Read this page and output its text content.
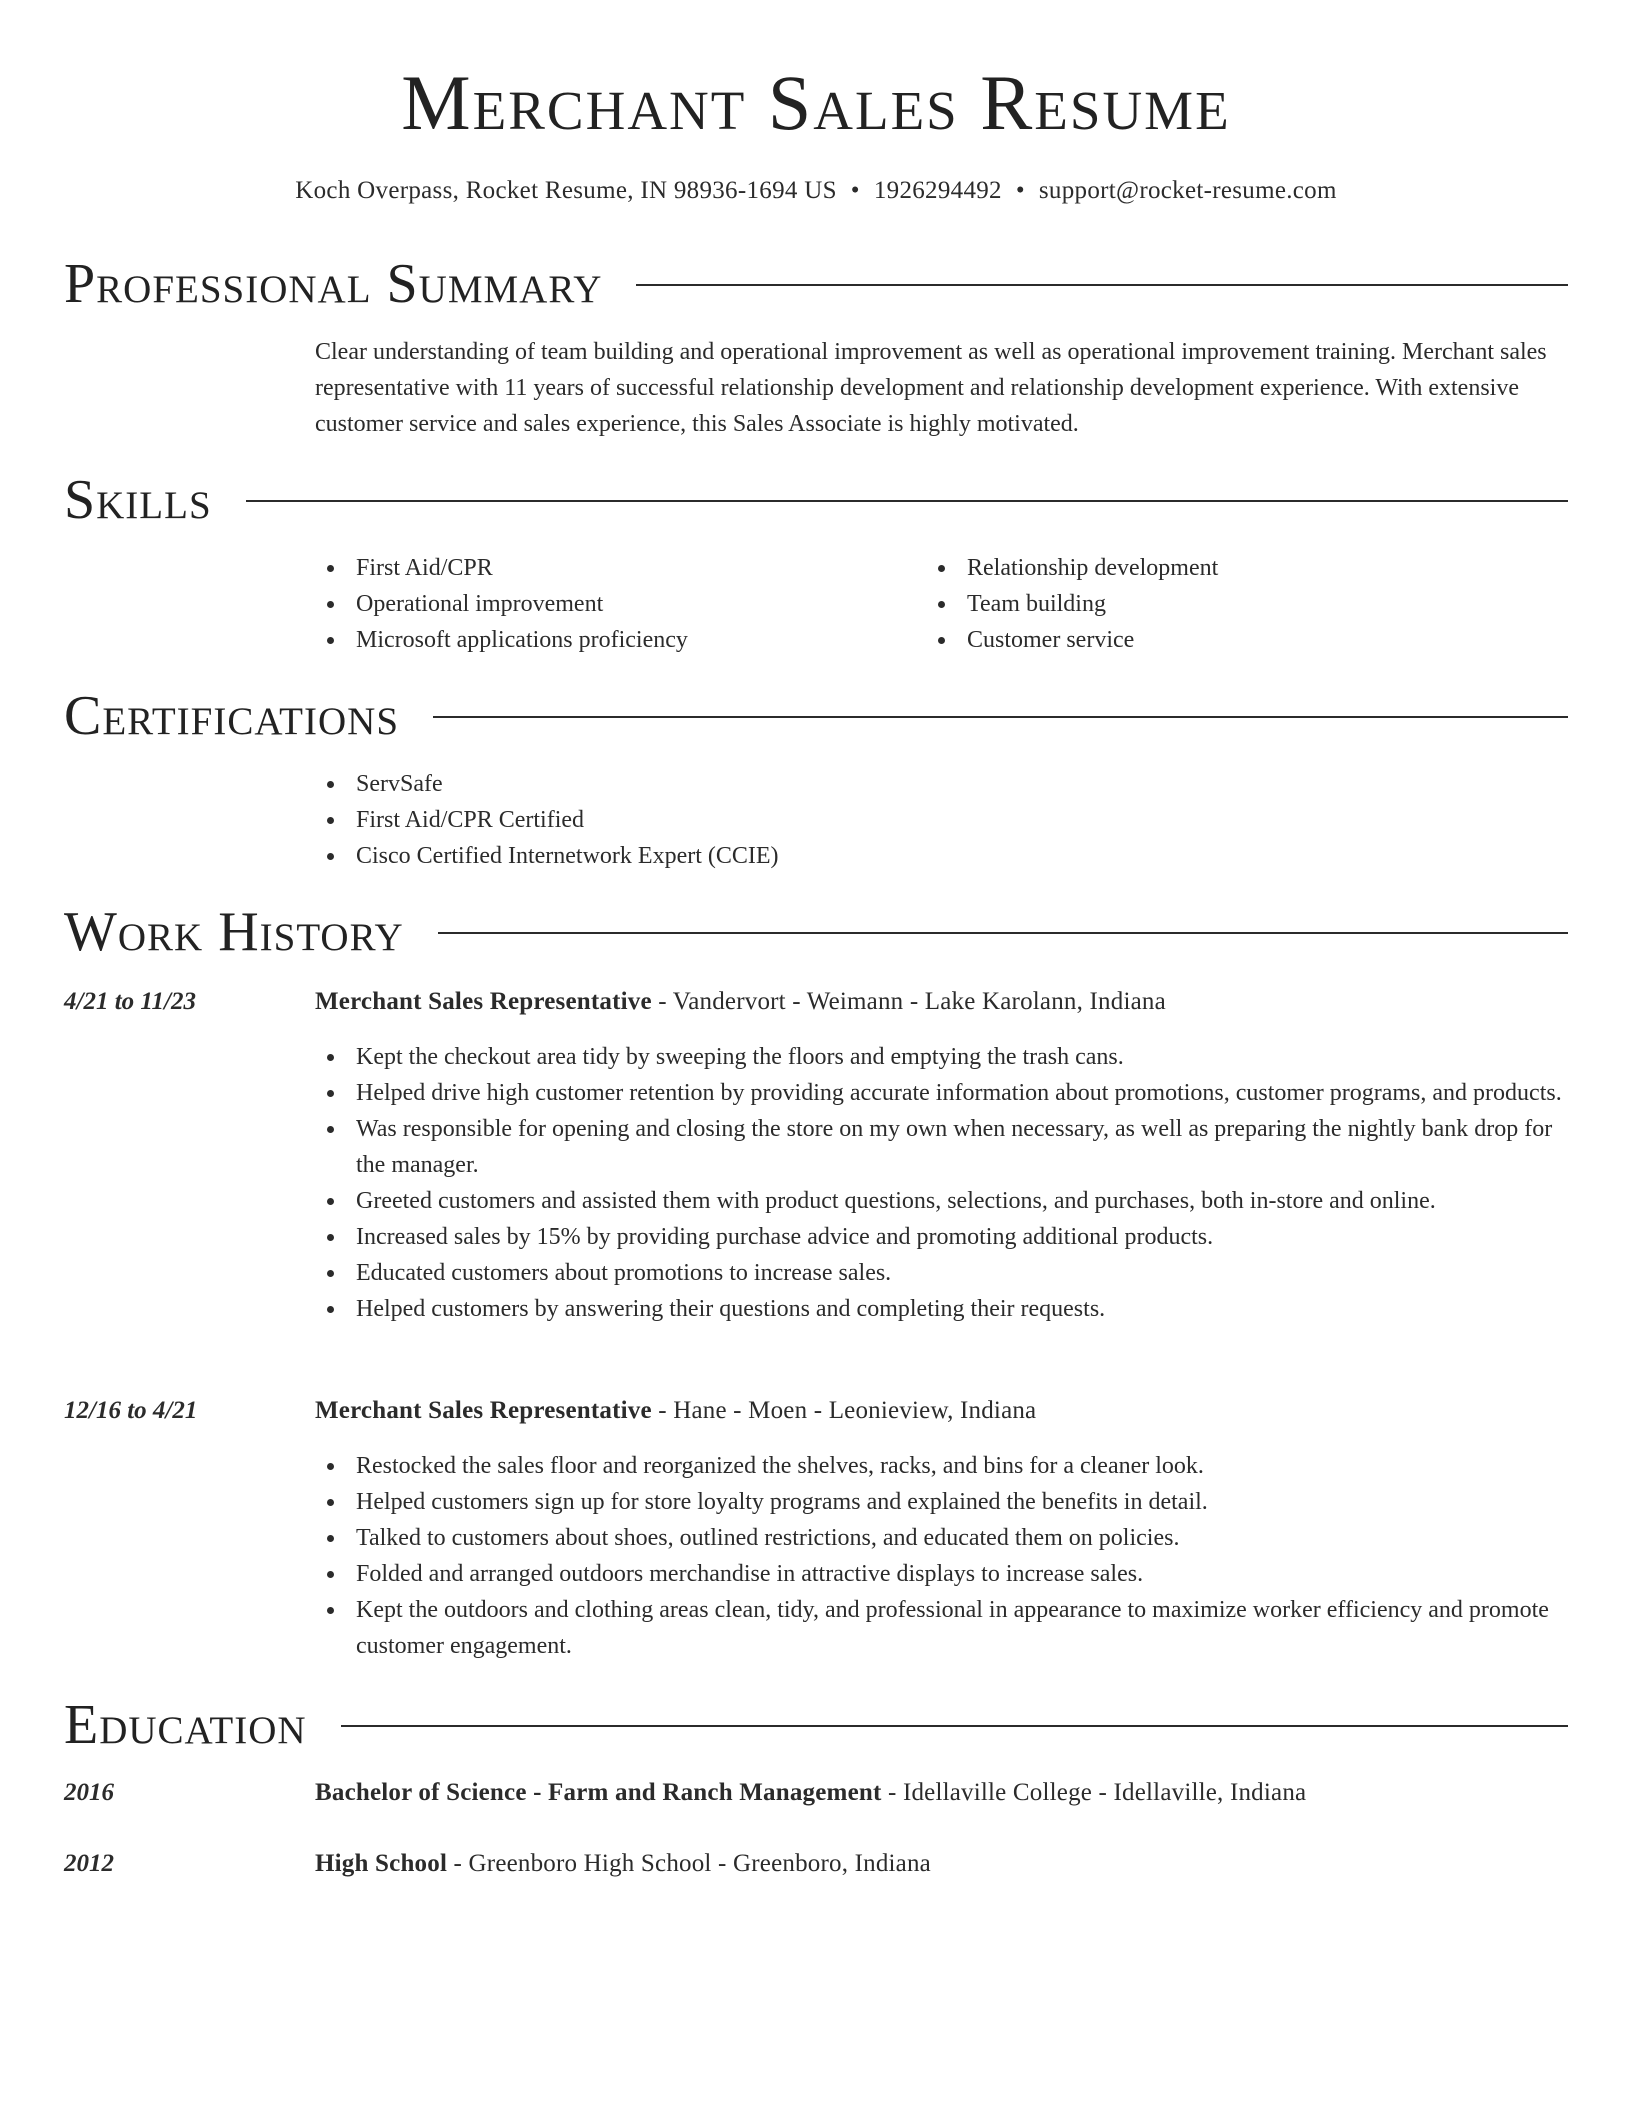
Merchant Sales Resume
Koch Overpass, Rocket Resume, IN 98936-1694 US • 1926294492 • support@rocket-resume.com
Professional Summary
Clear understanding of team building and operational improvement as well as operational improvement training. Merchant sales representative with 11 years of successful relationship development and relationship development experience. With extensive customer service and sales experience, this Sales Associate is highly motivated.
Skills
First Aid/CPR
Operational improvement
Microsoft applications proficiency
Relationship development
Team building
Customer service
Certifications
ServSafe
First Aid/CPR Certified
Cisco Certified Internetwork Expert (CCIE)
Work History
4/21 to 11/23	Merchant Sales Representative - Vandervort - Weimann - Lake Karolann, Indiana
Kept the checkout area tidy by sweeping the floors and emptying the trash cans.
Helped drive high customer retention by providing accurate information about promotions, customer programs, and products.
Was responsible for opening and closing the store on my own when necessary, as well as preparing the nightly bank drop for the manager.
Greeted customers and assisted them with product questions, selections, and purchases, both in-store and online.
Increased sales by 15% by providing purchase advice and promoting additional products.
Educated customers about promotions to increase sales.
Helped customers by answering their questions and completing their requests.
12/16 to 4/21	Merchant Sales Representative - Hane - Moen - Leonieview, Indiana
Restocked the sales floor and reorganized the shelves, racks, and bins for a cleaner look.
Helped customers sign up for store loyalty programs and explained the benefits in detail.
Talked to customers about shoes, outlined restrictions, and educated them on policies.
Folded and arranged outdoors merchandise in attractive displays to increase sales.
Kept the outdoors and clothing areas clean, tidy, and professional in appearance to maximize worker efficiency and promote customer engagement.
Education
2016	Bachelor of Science - Farm and Ranch Management - Idellaville College - Idellaville, Indiana
2012	High School - Greenboro High School - Greenboro, Indiana
